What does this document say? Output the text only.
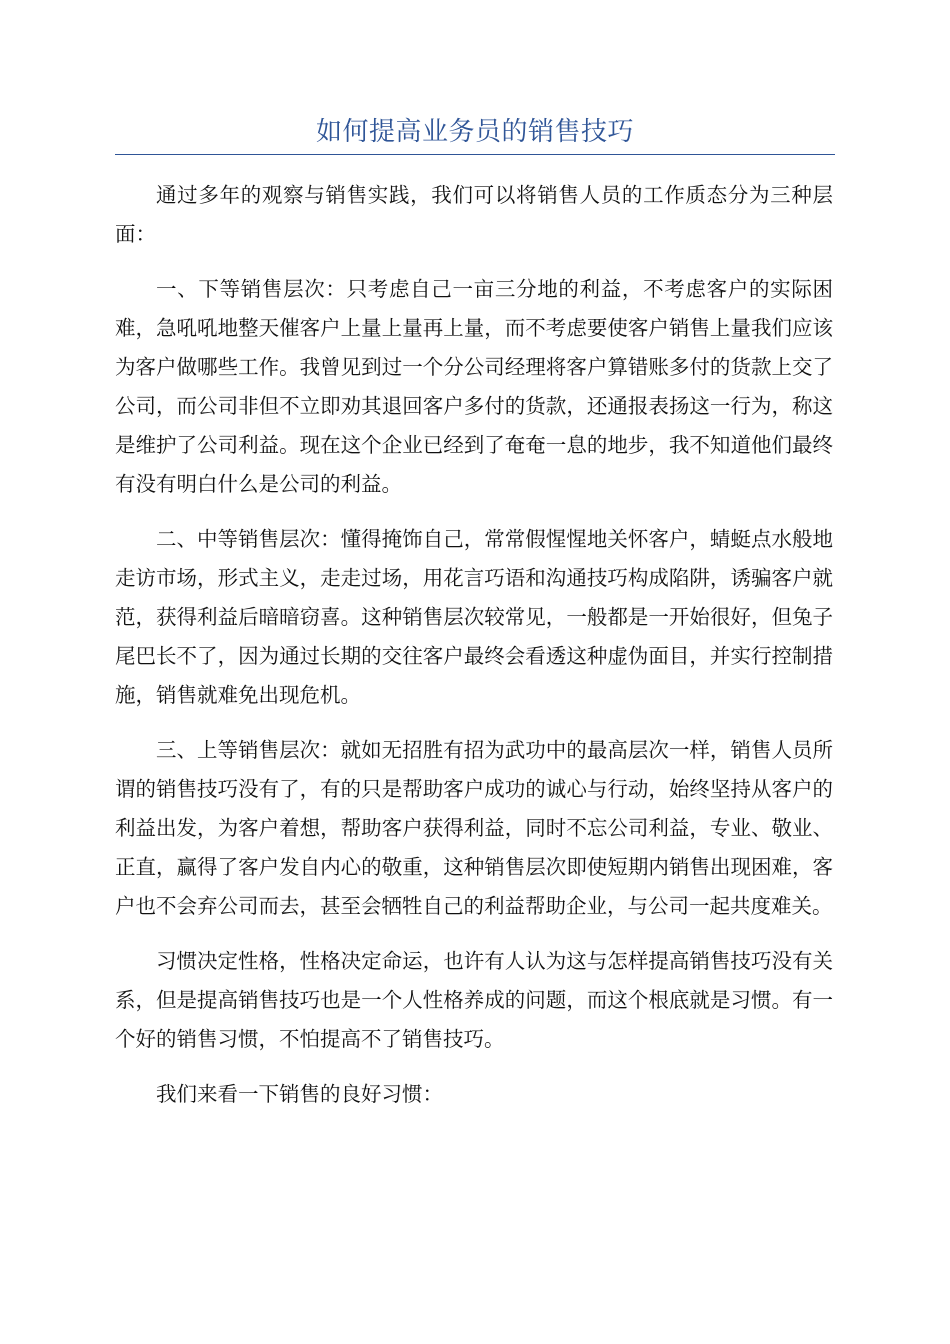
如何提高业务员的销售技巧

通过多年的观察与销售实践，我们可以将销售人员的工作质态分为三种层面：

一、下等销售层次：只考虑自己一亩三分地的利益，不考虑客户的实际困难，急吼吼地整天催客户上量上量再上量，而不考虑要使客户销售上量我们应该为客户做哪些工作。我曾见到过一个分公司经理将客户算错账多付的货款上交了公司，而公司非但不立即劝其退回客户多付的货款，还通报表扬这一行为，称这是维护了公司利益。现在这个企业已经到了奄奄一息的地步，我不知道他们最终有没有明白什么是公司的利益。

二、中等销售层次：懂得掩饰自己，常常假惺惺地关怀客户，蜻蜓点水般地走访市场，形式主义，走走过场，用花言巧语和沟通技巧构成陷阱，诱骗客户就范，获得利益后暗暗窃喜。这种销售层次较常见，一般都是一开始很好，但兔子尾巴长不了，因为通过长期的交往客户最终会看透这种虚伪面目，并实行控制措施，销售就难免出现危机。

三、上等销售层次：就如无招胜有招为武功中的最高层次一样，销售人员所谓的销售技巧没有了，有的只是帮助客户成功的诚心与行动，始终坚持从客户的利益出发，为客户着想，帮助客户获得利益，同时不忘公司利益，专业、敬业、正直，赢得了客户发自内心的敬重，这种销售层次即使短期内销售出现困难，客户也不会弃公司而去，甚至会牺牲自己的利益帮助企业，与公司一起共度难关。

习惯决定性格，性格决定命运，也许有人认为这与怎样提高销售技巧没有关系，但是提高销售技巧也是一个人性格养成的问题，而这个根底就是习惯。有一个好的销售习惯，不怕提高不了销售技巧。

我们来看一下销售的良好习惯：
